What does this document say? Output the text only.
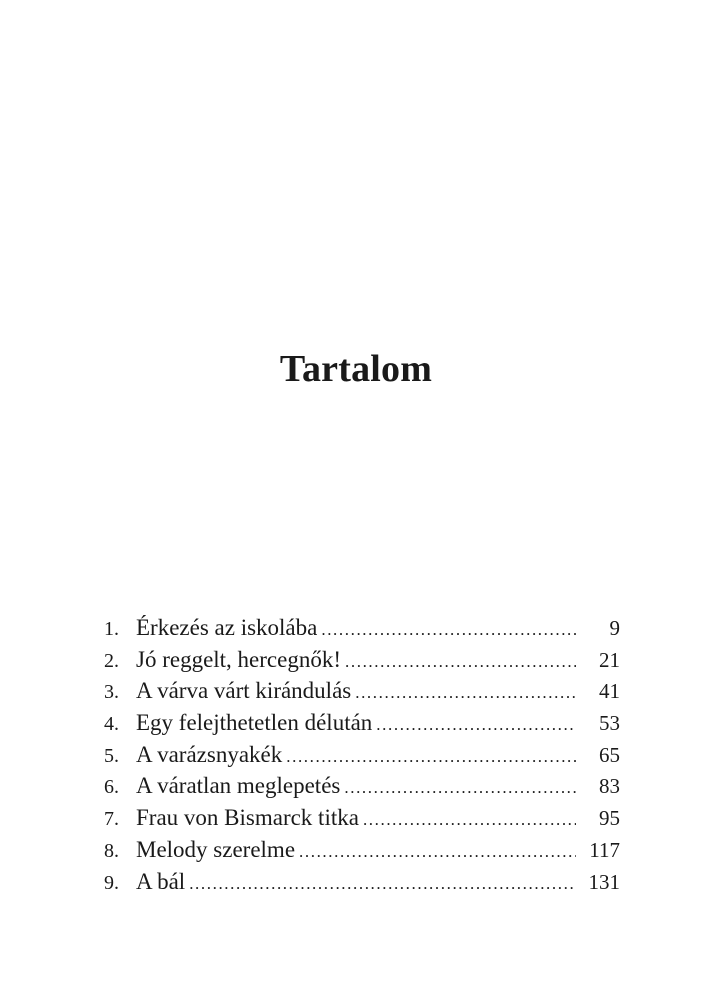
Tartalom
1. Érkezés az iskolába .....	9
2. Jó reggelt, hercegnők! .....	21
3. A várva várt kirándulás .....	41
4. Egy felejthetetlen délután .....	53
5. A varázsnyakék .....	65
6. A váratlan meglepetés .....	83
7. Frau von Bismarck titka .....	95
8. Melody szerelme .....	117
9. A bál .....	131
